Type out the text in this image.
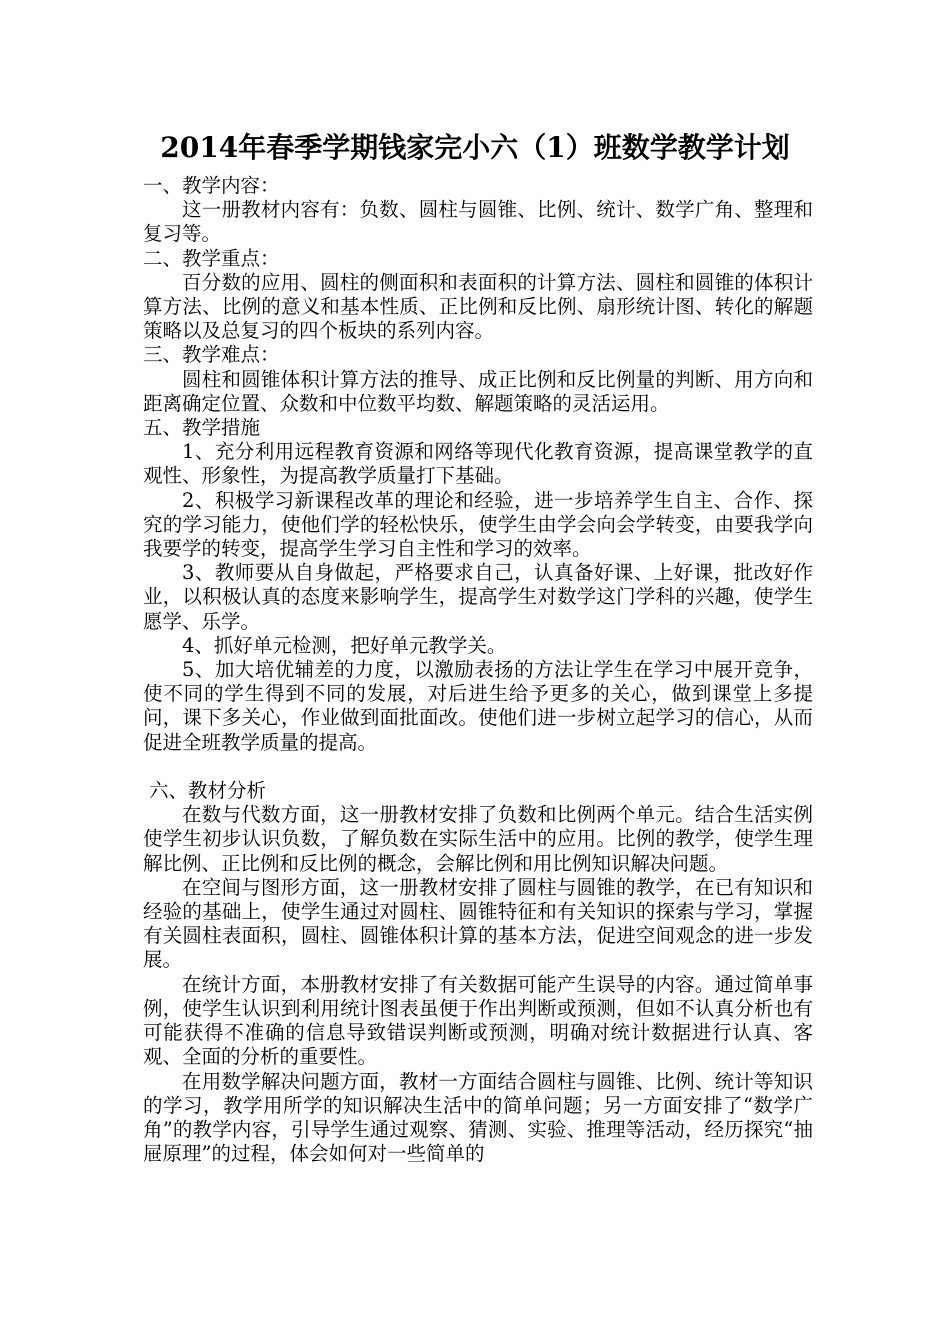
2014年春季学期钱家完小六（1）班数学教学计划

一、教学内容：

这一册教材内容有：负数、圆柱与圆锥、比例、统计、数学广角、整理和复习等。

二、教学重点：

百分数的应用、圆柱的侧面积和表面积的计算方法、圆柱和圆锥的体积计算方法、比例的意义和基本性质、正比例和反比例、扇形统计图、转化的解题策略以及总复习的四个板块的系列内容。

三、教学难点：

圆柱和圆锥体积计算方法的推导、成正比例和反比例量的判断、用方向和距离确定位置、众数和中位数平均数、解题策略的灵活运用。

五、教学措施

1、充分利用远程教育资源和网络等现代化教育资源，提高课堂教学的直观性、形象性，为提高教学质量打下基础。

2、积极学习新课程改革的理论和经验，进一步培养学生自主、合作、探究的学习能力，使他们学的轻松快乐，使学生由学会向会学转变，由要我学向我要学的转变，提高学生学习自主性和学习的效率。

3、教师要从自身做起，严格要求自己，认真备好课、上好课，批改好作业，以积极认真的态度来影响学生，提高学生对数学这门学科的兴趣，使学生愿学、乐学。

4、抓好单元检测，把好单元教学关。

5、加大培优辅差的力度，以激励表扬的方法让学生在学习中展开竞争，使不同的学生得到不同的发展，对后进生给予更多的关心，做到课堂上多提问，课下多关心，作业做到面批面改。使他们进一步树立起学习的信心，从而促进全班教学质量的提高。

六、教材分析

在数与代数方面，这一册教材安排了负数和比例两个单元。结合生活实例使学生初步认识负数，了解负数在实际生活中的应用。比例的教学，使学生理解比例、正比例和反比例的概念，会解比例和用比例知识解决问题。

在空间与图形方面，这一册教材安排了圆柱与圆锥的教学，在已有知识和经验的基础上，使学生通过对圆柱、圆锥特征和有关知识的探索与学习，掌握有关圆柱表面积，圆柱、圆锥体积计算的基本方法，促进空间观念的进一步发展。

在统计方面，本册教材安排了有关数据可能产生误导的内容。通过简单事例，使学生认识到利用统计图表虽便于作出判断或预测，但如不认真分析也有可能获得不准确的信息导致错误判断或预测，明确对统计数据进行认真、客观、全面的分析的重要性。

在用数学解决问题方面，教材一方面结合圆柱与圆锥、比例、统计等知识的学习，教学用所学的知识解决生活中的简单问题；另一方面安排了“数学广角”的教学内容，引导学生通过观察、猜测、实验、推理等活动，经历探究“抽屉原理”的过程，体会如何对一些简单的
